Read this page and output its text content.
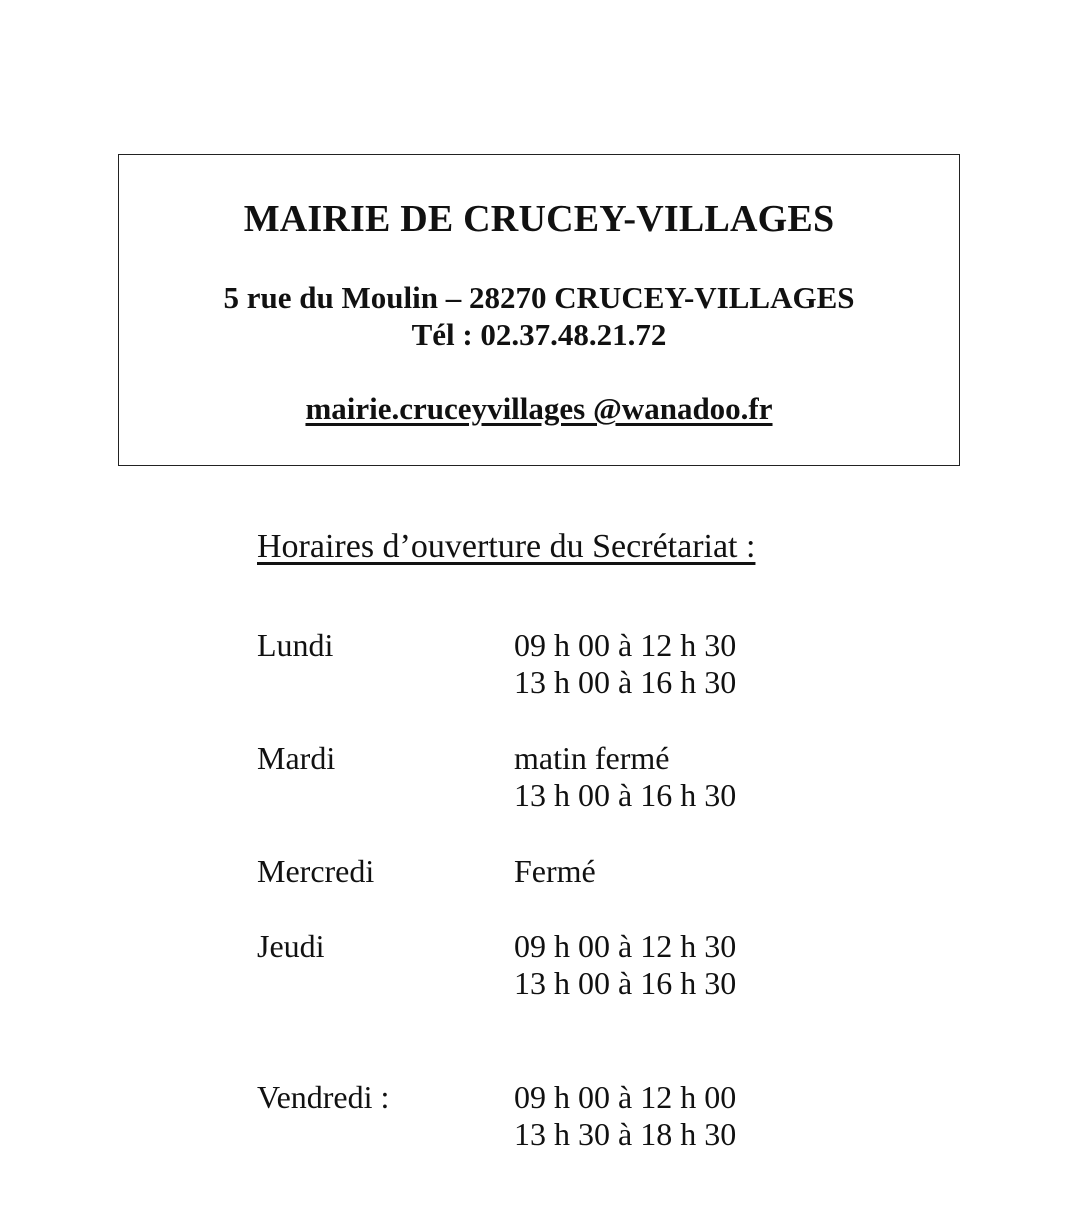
MAIRIE DE CRUCEY-VILLAGES
5 rue du Moulin – 28270 CRUCEY-VILLAGES
Tél : 02.37.48.21.72
mairie.cruceyvillages @wanadoo.fr
Horaires d’ouverture du Secrétariat :
Lundi	09 h 00 à 12 h 30
13 h 00 à 16 h 30
Mardi	matin fermé
13 h 00 à 16 h 30
Mercredi	Fermé
Jeudi	09 h 00 à 12 h 30
13 h 00 à 16 h 30
Vendredi :	09 h 00 à 12 h 00
13 h 30 à 18 h 30
